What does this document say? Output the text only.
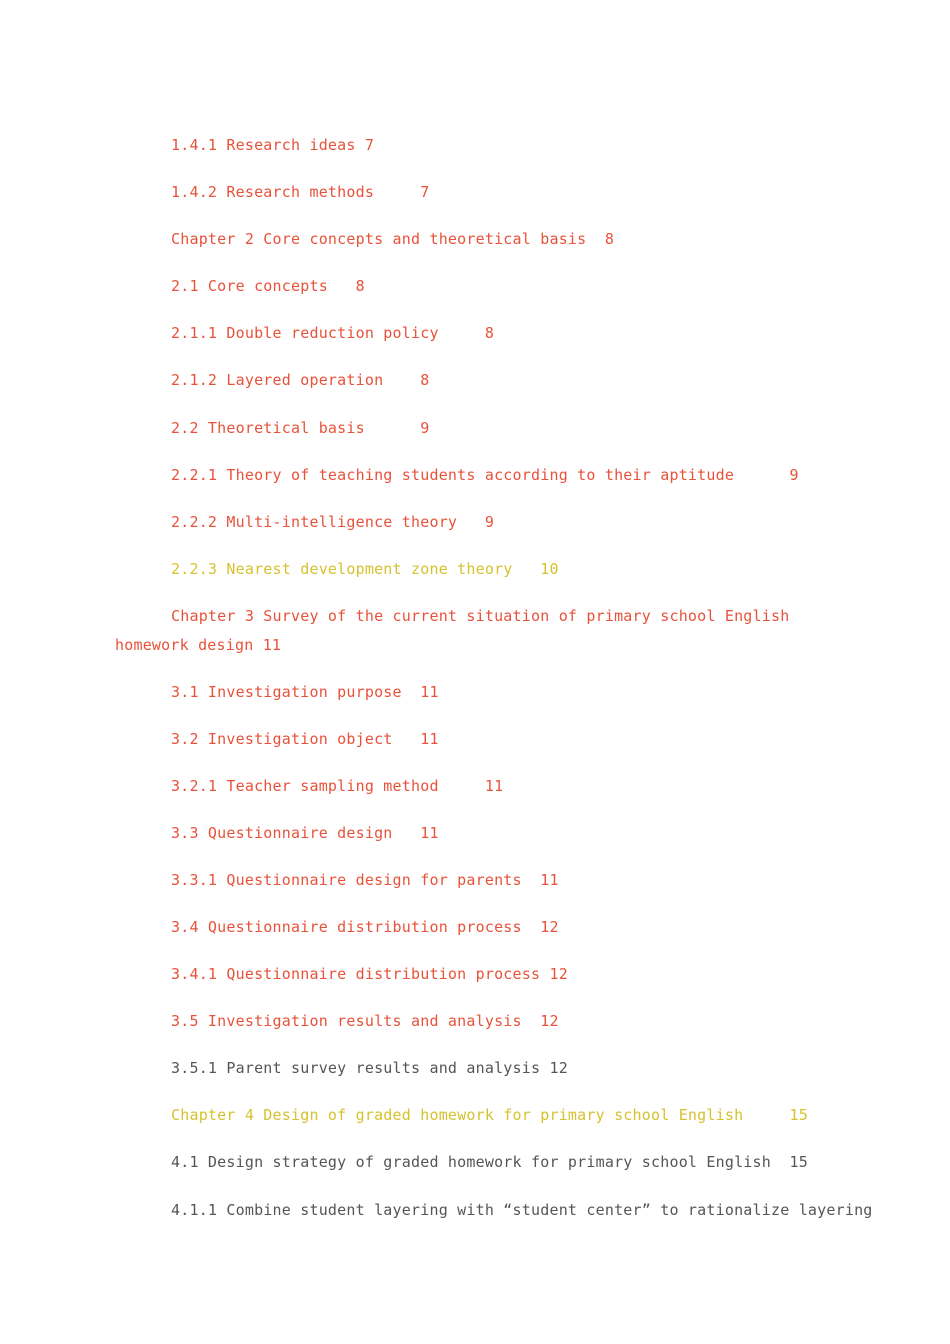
1.4.1 Research ideas 7

1.4.2 Research methods     7

Chapter 2 Core concepts and theoretical basis  8

2.1 Core concepts   8

2.1.1 Double reduction policy     8

2.1.2 Layered operation    8

2.2 Theoretical basis      9

2.2.1 Theory of teaching students according to their aptitude      9

2.2.2 Multi-intelligence theory   9

2.2.3 Nearest development zone theory   10

Chapter 3 Survey of the current situation of primary school English homework design 11

3.1 Investigation purpose  11

3.2 Investigation object   11

3.2.1 Teacher sampling method     11

3.3 Questionnaire design   11

3.3.1 Questionnaire design for parents  11

3.4 Questionnaire distribution process  12

3.4.1 Questionnaire distribution process 12

3.5 Investigation results and analysis  12

3.5.1 Parent survey results and analysis 12

Chapter 4 Design of graded homework for primary school English     15

4.1 Design strategy of graded homework for primary school English  15

4.1.1 Combine student layering with “student center” to rationalize layering
